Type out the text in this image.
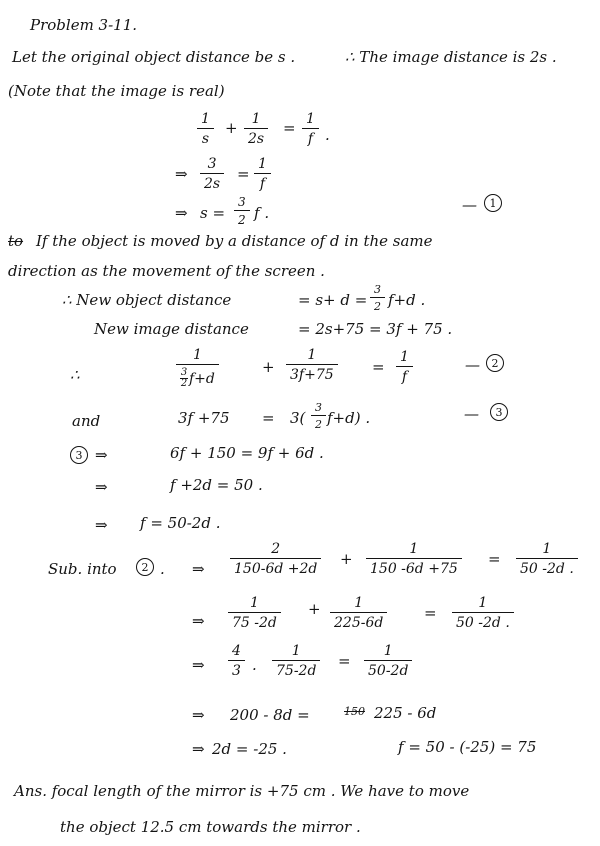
Problem 3-11.
Let the original object distance be s .	∴ The image distance is 2s .
(Note that the image is real)
1
s
+ 1
2s
= 1
f .
⇒
3
2s
=
1
f
⇒ s =
3
2 f .	—	1
to If the object is moved by a distance of d in the same
direction as the movement of the screen .
∴ New object distance	= s+ d =
3
2 f+d .
New image distance	= 2s+75 = 3f + 75 .
∴
1
3
2 f+d
+
1
3f+75	=
1
f
—	2
and	3f +75 = 3(
3
2 f+d) .	—	3
3 ⇒	6f + 150 = 9f + 6d .
⇒	f +2d = 50 .
⇒ f = 50-2d .
Sub. into	2 . ⇒
2
150-6d +2d
+
1
150 -6d +75
=
1
50 -2d .
⇒
1
75 -2d
+ 1
225-6d
=
1
50 -2d .
⇒
4
3 .
1
75-2d
=
1
50-2d
⇒ 200 - 8d =	150 225 - 6d
⇒ 2d = -25 .	f = 50 - (-25) = 75
Ans. focal length of the mirror is +75 cm . We have to move
the object 12.5 cm towards the mirror .
